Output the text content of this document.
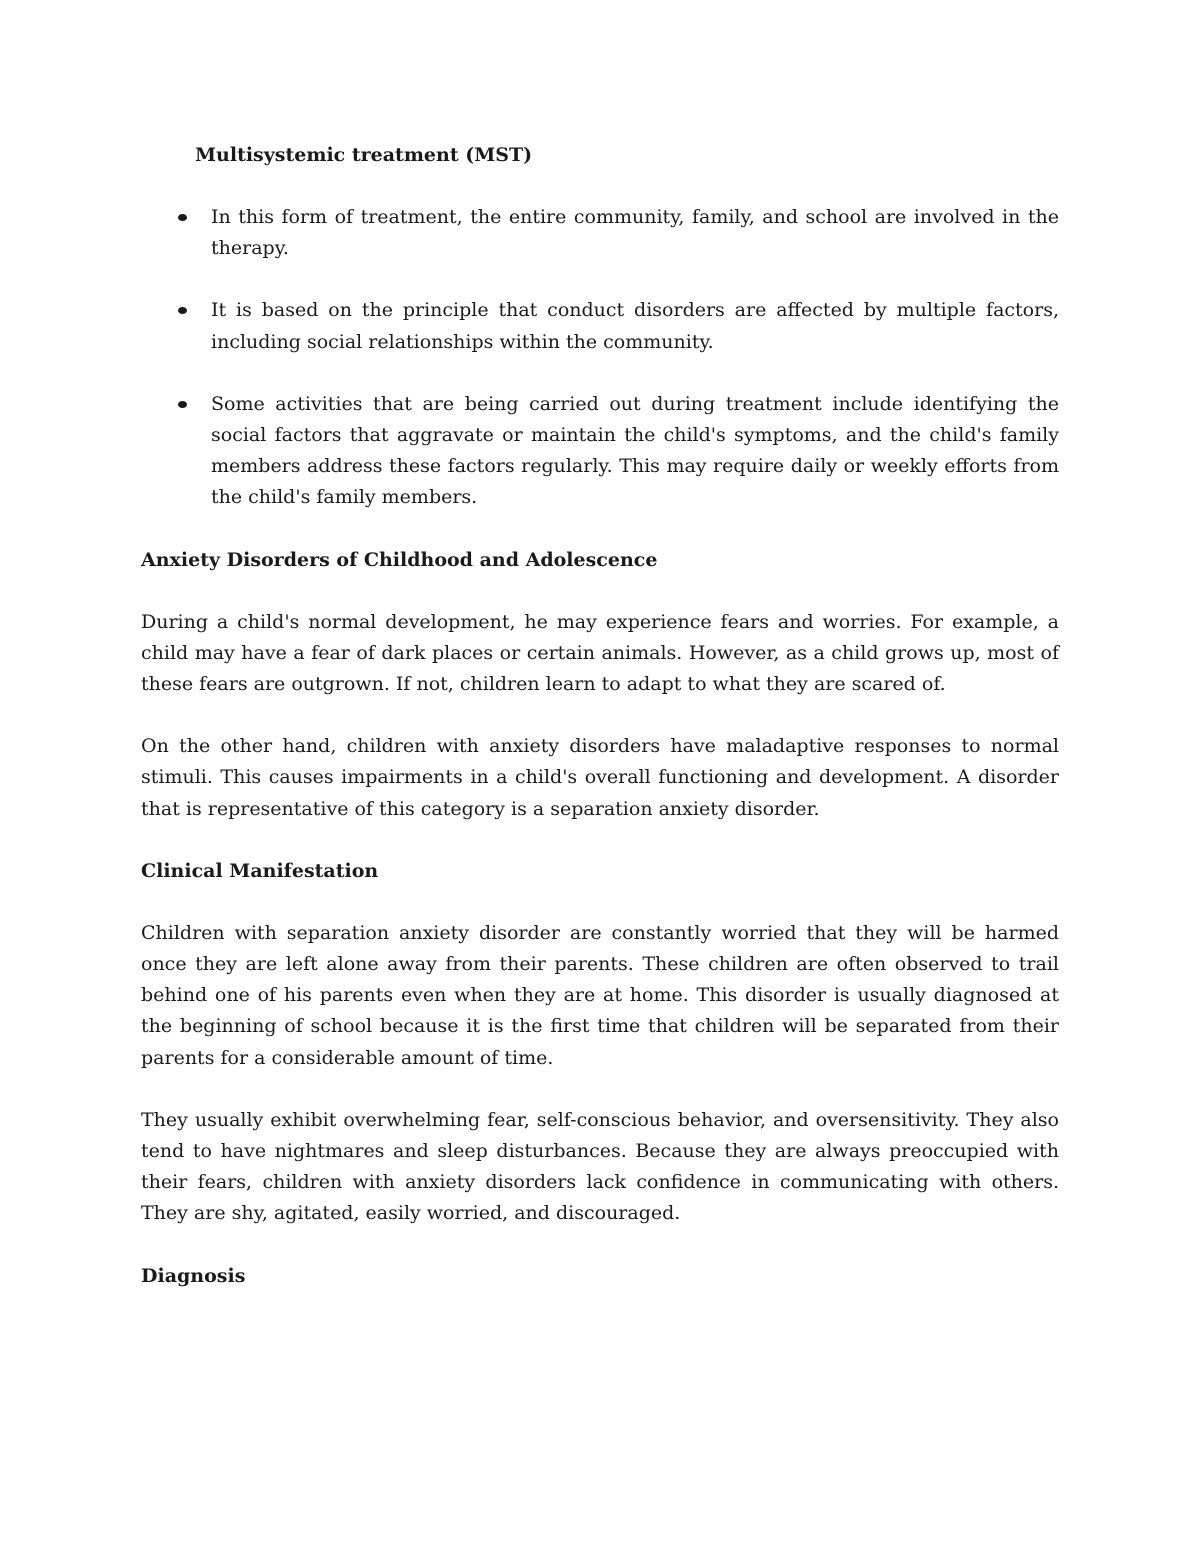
Multisystemic treatment (MST)
In this form of treatment, the entire community, family, and school are involved in the therapy.
It is based on the principle that conduct disorders are affected by multiple factors, including social relationships within the community.
Some activities that are being carried out during treatment include identifying the social factors that aggravate or maintain the child's symptoms, and the child's family members address these factors regularly. This may require daily or weekly efforts from the child's family members.
Anxiety Disorders of Childhood and Adolescence

During a child's normal development, he may experience fears and worries. For example, a child may have a fear of dark places or certain animals. However, as a child grows up, most of these fears are outgrown. If not, children learn to adapt to what they are scared of.

On the other hand, children with anxiety disorders have maladaptive responses to normal stimuli. This causes impairments in a child's overall functioning and development. A disorder that is representative of this category is a separation anxiety disorder.

Clinical Manifestation

Children with separation anxiety disorder are constantly worried that they will be harmed once they are left alone away from their parents. These children are often observed to trail behind one of his parents even when they are at home. This disorder is usually diagnosed at the beginning of school because it is the first time that children will be separated from their parents for a considerable amount of time.

They usually exhibit overwhelming fear, self-conscious behavior, and oversensitivity. They also tend to have nightmares and sleep disturbances. Because they are always preoccupied with their fears, children with anxiety disorders lack confidence in communicating with others. They are shy, agitated, easily worried, and discouraged.

Diagnosis
